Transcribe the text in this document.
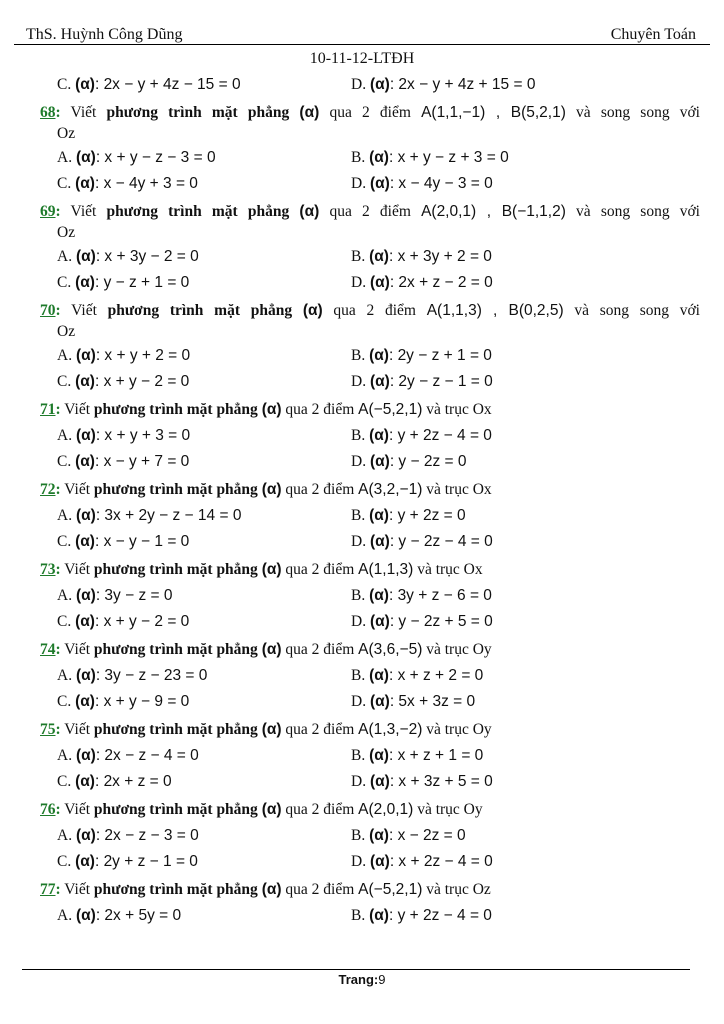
ThS. Huỳnh Công Dũng	Chuyên Toán
10-11-12-LTĐH
C. (α): 2x − y + 4z − 15 = 0	D. (α): 2x − y + 4z + 15 = 0
68: Viết phương trình mặt phẳng (α) qua 2 điểm A(1,1,−1) , B(5,2,1) và song song với
Oz
A. (α): x + y − z − 3 = 0	B. (α): x + y − z + 3 = 0
C. (α): x − 4y + 3 = 0	D. (α): x − 4y − 3 = 0
69: Viết phương trình mặt phẳng (α) qua 2 điểm A(2,0,1) , B(−1,1,2) và song song với
Oz
A. (α): x + 3y − 2 = 0	B. (α): x + 3y + 2 = 0
C. (α): y − z + 1 = 0	D. (α): 2x + z − 2 = 0
70: Viết phương trình mặt phẳng (α) qua 2 điểm A(1,1,3) , B(0,2,5) và song song với
Oz
A. (α): x + y + 2 = 0	B. (α): 2y − z + 1 = 0
C. (α): x + y − 2 = 0	D. (α): 2y − z − 1 = 0
71: Viết phương trình mặt phẳng (α) qua 2 điểm A(−5,2,1) và trục Ox
A. (α): x + y + 3 = 0	B. (α): y + 2z − 4 = 0
C. (α): x − y + 7 = 0	D. (α): y − 2z = 0
72: Viết phương trình mặt phẳng (α) qua 2 điểm A(3,2,−1) và trục Ox
A. (α): 3x + 2y − z − 14 = 0	B. (α): y + 2z = 0
C. (α): x − y − 1 = 0	D. (α): y − 2z − 4 = 0
73: Viết phương trình mặt phẳng (α) qua 2 điểm A(1,1,3) và trục Ox
A. (α): 3y − z = 0	B. (α): 3y + z − 6 = 0
C. (α): x + y − 2 = 0	D. (α): y − 2z + 5 = 0
74: Viết phương trình mặt phẳng (α) qua 2 điểm A(3,6,−5) và trục Oy
A. (α): 3y − z − 23 = 0	B. (α): x + z + 2 = 0
C. (α): x + y − 9 = 0	D. (α): 5x + 3z = 0
75: Viết phương trình mặt phẳng (α) qua 2 điểm A(1,3,−2) và trục Oy
A. (α): 2x − z − 4 = 0	B. (α): x + z + 1 = 0
C. (α): 2x + z = 0	D. (α): x + 3z + 5 = 0
76: Viết phương trình mặt phẳng (α) qua 2 điểm A(2,0,1) và trục Oy
A. (α): 2x − z − 3 = 0	B. (α): x − 2z = 0
C. (α): 2y + z − 1 = 0	D. (α): x + 2z − 4 = 0
77: Viết phương trình mặt phẳng (α) qua 2 điểm A(−5,2,1) và trục Oz
A. (α): 2x + 5y = 0	B. (α): y + 2z − 4 = 0
Trang:9
